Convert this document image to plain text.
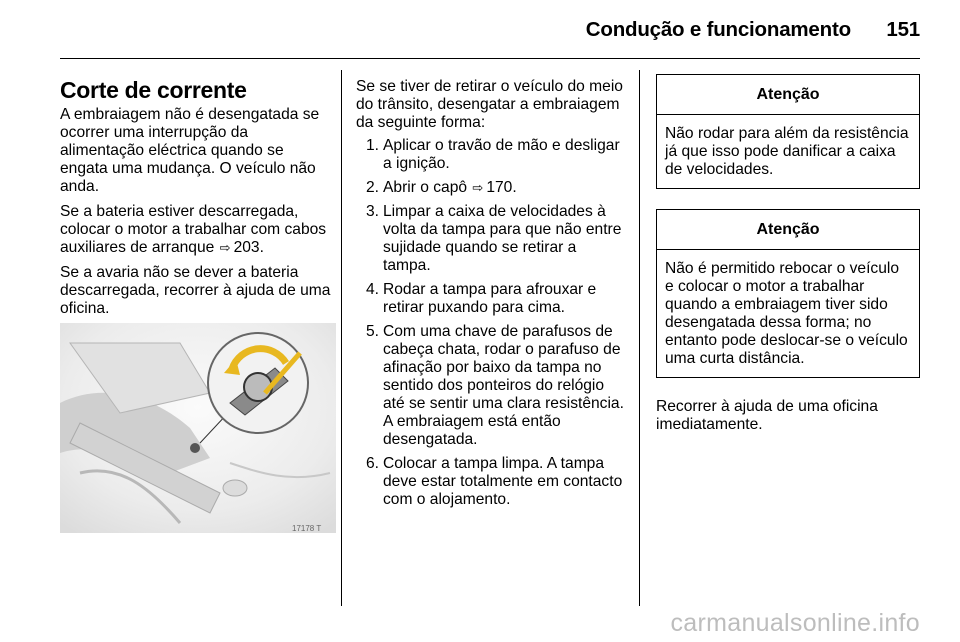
Condução e funcionamento 151
Corte de corrente

A embraiagem não é desengatada se ocorrer uma interrupção da alimentação eléctrica quando se engata uma mudança. O veículo não anda.

Se a bateria estiver descarregada, colocar o motor a trabalhar com cabos auxiliares de arranque ⇨ 203.

Se a avaria não se dever a bateria descarregada, recorrer à ajuda de uma oficina.

17178 T

Se se tiver de retirar o veículo do meio do trânsito, desengatar a embraiagem da seguinte forma:

1. Aplicar o travão de mão e desligar a ignição.
2. Abrir o capô ⇨ 170.
3. Limpar a caixa de velocidades à volta da tampa para que não entre sujidade quando se retirar a tampa.
4. Rodar a tampa para afrouxar e retirar puxando para cima.
5. Com uma chave de parafusos de cabeça chata, rodar o parafuso de afinação por baixo da tampa no sentido dos ponteiros do relógio até se sentir uma clara resistência. A embraiagem está então desengatada.
6. Colocar a tampa limpa. A tampa deve estar totalmente em contacto com o alojamento.
Atenção
Não rodar para além da resistência já que isso pode danificar a caixa de velocidades.
Atenção
Não é permitido rebocar o veículo e colocar o motor a trabalhar quando a embraiagem tiver sido desengatada dessa forma; no entanto pode deslocar-se o veículo uma curta distância.

Recorrer à ajuda de uma oficina imediatamente.

carmanualsonline.info
